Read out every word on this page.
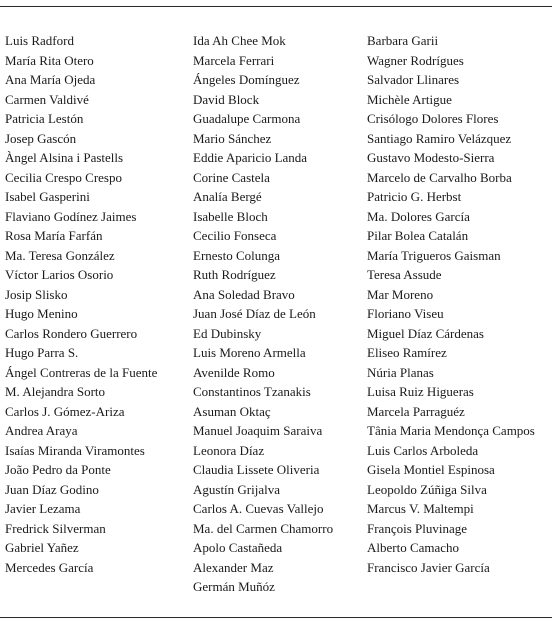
Luis Radford
María Rita Otero
Ana María Ojeda
Carmen Valdivé
Patricia Lestón
Josep Gascón
Àngel Alsina i Pastells
Cecilia Crespo Crespo
Isabel Gasperini
Flaviano Godínez Jaimes
Rosa María Farfán
Ma. Teresa González
Víctor Larios Osorio
Josip Slisko
Hugo Menino
Carlos Rondero Guerrero
Hugo Parra S.
Ángel Contreras de la Fuente
M. Alejandra Sorto
Carlos J. Gómez-Ariza
Andrea Araya
Isaías Miranda Viramontes
João Pedro da Ponte
Juan Díaz Godino
Javier Lezama
Fredrick Silverman
Gabriel Yañez
Mercedes García
Ida Ah Chee Mok
Marcela Ferrari
Ángeles Domínguez
David Block
Guadalupe Carmona
Mario Sánchez
Eddie Aparicio Landa
Corine Castela
Analía Bergé
Isabelle Bloch
Cecilio Fonseca
Ernesto Colunga
Ruth Rodríguez
Ana Soledad Bravo
Juan José Díaz de León
Ed Dubinsky
Luis Moreno Armella
Avenilde Romo
Constantinos Tzanakis
Asuman Oktaç
Manuel Joaquim Saraiva
Leonora Díaz
Claudia Lissete Oliveria
Agustín Grijalva
Carlos A. Cuevas Vallejo
Ma. del Carmen Chamorro
Apolo Castañeda
Alexander Maz
Germán Muñóz
Barbara Garii
Wagner Rodrígues
Salvador Llinares
Michèle Artigue
Crisólogo Dolores Flores
Santiago Ramiro Velázquez
Gustavo Modesto-Sierra
Marcelo de Carvalho Borba
Patricio G. Herbst
Ma. Dolores García
Pilar Bolea Catalán
María Trigueros Gaisman
Teresa Assude
Mar Moreno
Floriano Viseu
Miguel Díaz Cárdenas
Eliseo Ramírez
Núria Planas
Luisa Ruiz Higueras
Marcela Parraguéz
Tânia Maria Mendonça Campos
Luis Carlos Arboleda
Gisela Montiel Espinosa
Leopoldo Zúñiga Silva
Marcus V. Maltempi
François Pluvinage
Alberto Camacho
Francisco Javier García
